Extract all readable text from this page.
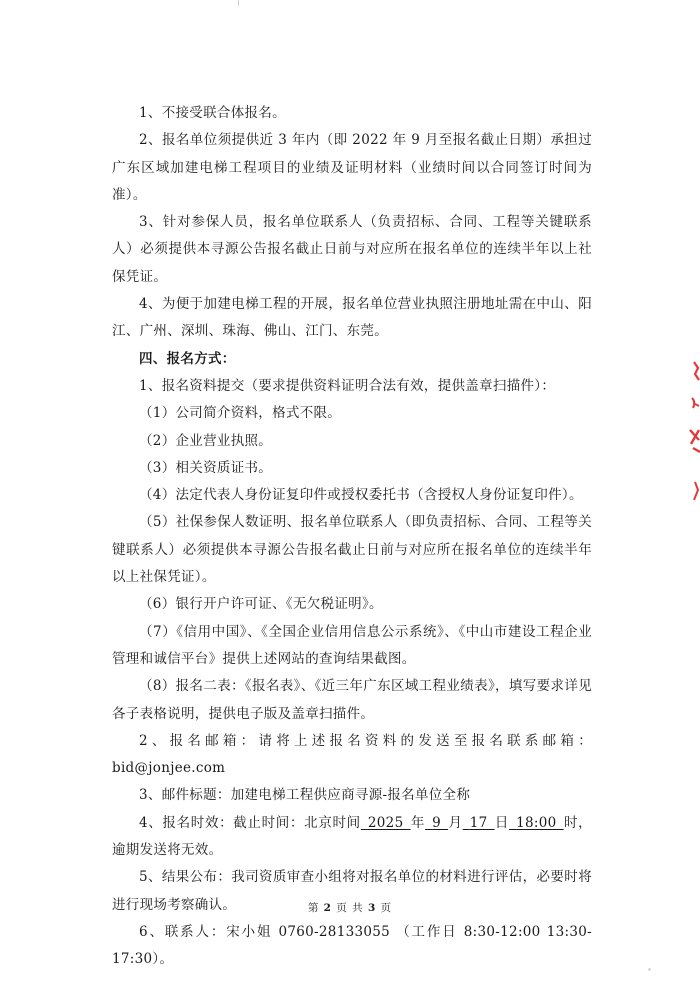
1、不接受联合体报名。

2、报名单位须提供近 3 年内（即 2022 年 9 月至报名截止日期）承担过广东区域加建电梯工程项目的业绩及证明材料（业绩时间以合同签订时间为准）。

3、针对参保人员，报名单位联系人（负责招标、合同、工程等关键联系人）必须提供本寻源公告报名截止日前与对应所在报名单位的连续半年以上社保凭证。

4、为便于加建电梯工程的开展，报名单位营业执照注册地址需在中山、阳江、广州、深圳、珠海、佛山、江门、东莞。

四、报名方式：

1、报名资料提交（要求提供资料证明合法有效，提供盖章扫描件）：

（1）公司简介资料，格式不限。

（2）企业营业执照。

（3）相关资质证书。

（4）法定代表人身份证复印件或授权委托书（含授权人身份证复印件）。

（5）社保参保人数证明、报名单位联系人（即负责招标、合同、工程等关键联系人）必须提供本寻源公告报名截止日前与对应所在报名单位的连续半年以上社保凭证）。

（6）银行开户许可证、《无欠税证明》。

（7）《信用中国》、《全国企业信用信息公示系统》、《中山市建设工程企业管理和诚信平台》提供上述网站的查询结果截图。

（8）报名二表：《报名表》、《近三年广东区域工程业绩表》，填写要求详见各子表格说明，提供电子版及盖章扫描件。

2、报名邮箱：请将上述报名资料的发送至报名联系邮箱：bid@jonjee.com

3、邮件标题：加建电梯工程供应商寻源-报名单位全称

4、报名时效：截止时间：北京时间  2025  年  9  月  17  日  18:00  时，逾期发送将无效。

5、结果公布：我司资质审查小组将对报名单位的材料进行评估，必要时将进行现场考察确认。

6、联系人：宋小姐 0760-28133055 （工作日 8:30-12:00 13:30-17:30）。

第 2 页 共 3 页
